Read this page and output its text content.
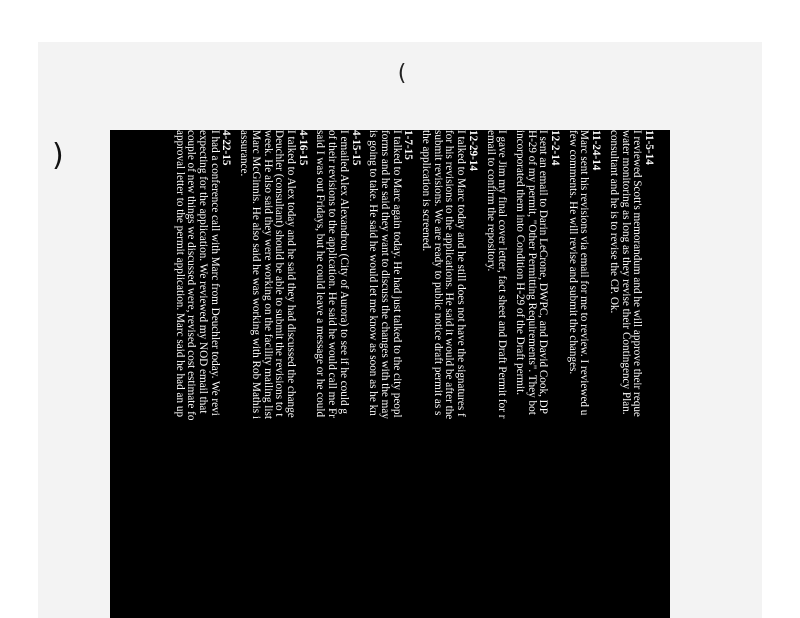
(
)	11-5-14
I reviewed Scott's memorandum and he will approve their reque
water monitoring as long as they revise their Contingency Plan.
consultant and he is to revise the CP. Ok.
11-24-14
Marc sent his revisions via email for me to review. I reviewed u
few comments. He will revise and submit the changes.
12-2-14
I sent an email to Darin LeCrone, DWPC, and David Cook, DP
H-29 of my permit, "Other Permitting Requirements". They bot
incorporated them into Condition H-29 of the Draft permit.
I gave Jim my final cover letter, fact sheet and Draft Permit for r
email to confirm the repository.
12-29-14
I talked to Marc today and he still does not have the signatures f
for his revisions to the applications. He said it would be after the
submit revisions. We are ready to public notice draft permit as s
the application is screened.
1-7-15
I talked to Marc again today. He had just talked to the city peopl
forms and he said they want to discuss the changes with the may
is going to take. He said he would let me know as soon as he kn
4-15-15
I emailed Alex Alexandrou (City of Aurora) to see if he could g
of their revisions to the application. He said he would call me Fr
said I was out Fridays, but he could leave a message or he could
4-16-15
I talked to Alex today and he said they had discussed the change
Deuchler (consultant) should be able to submit the revisions to t
week. He also said they were working on the facility mailing list
Marc McGinnis. He also said he was working with Rob Mathis i
assurance.
4-22-15
I had a conference call with Marc from Deuchler today. We revi
expecting for the application. We reviewed my NOD email that
couple of new things we discussed were, revised cost estimate fo
approval letter to the permit application. Marc said he had an up
